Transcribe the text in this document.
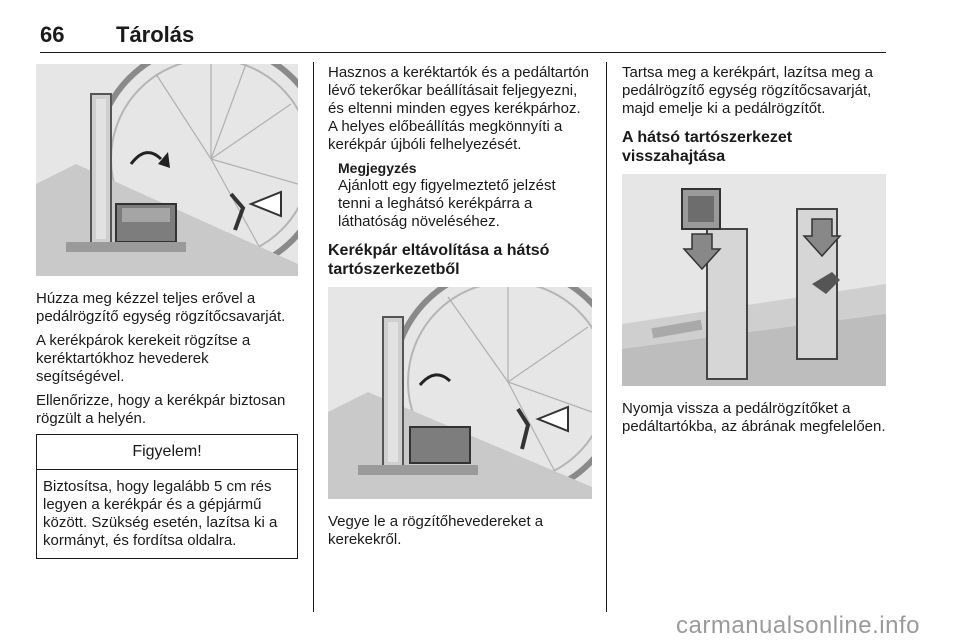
66 Tárolás

Húzza meg kézzel teljes erővel a pedálrögzítő egység rögzítőcsavarját.

A kerékpárok kerekeit rögzítse a keréktartókhoz hevederek segítségével.

Ellenőrizze, hogy a kerékpár biztosan rögzült a helyén.

Figyelem!

Biztosítsa, hogy legalább 5 cm rés legyen a kerékpár és a gépjármű között. Szükség esetén, lazítsa ki a kormányt, és fordítsa oldalra.

Hasznos a keréktartók és a pedáltartón lévő tekerőkar beállításait feljegyezni, és eltenni minden egyes kerékpárhoz. A helyes előbeállítás megkönnyíti a kerékpár újbóli felhelyezését.

Megjegyzés

Ajánlott egy figyelmeztető jelzést tenni a leghátsó kerékpárra a láthatóság növeléséhez.

Kerékpár eltávolítása a hátsó tartószerkezetből

Vegye le a rögzítőhevedereket a kerekekről.

Tartsa meg a kerékpárt, lazítsa meg a pedálrögzítő egység rögzítőcsavarját, majd emelje ki a pedálrögzítőt.

A hátsó tartószerkezet visszahajtása

Nyomja vissza a pedálrögzítőket a pedáltartókba, az ábrának megfelelően.

carmanualsonline.info
